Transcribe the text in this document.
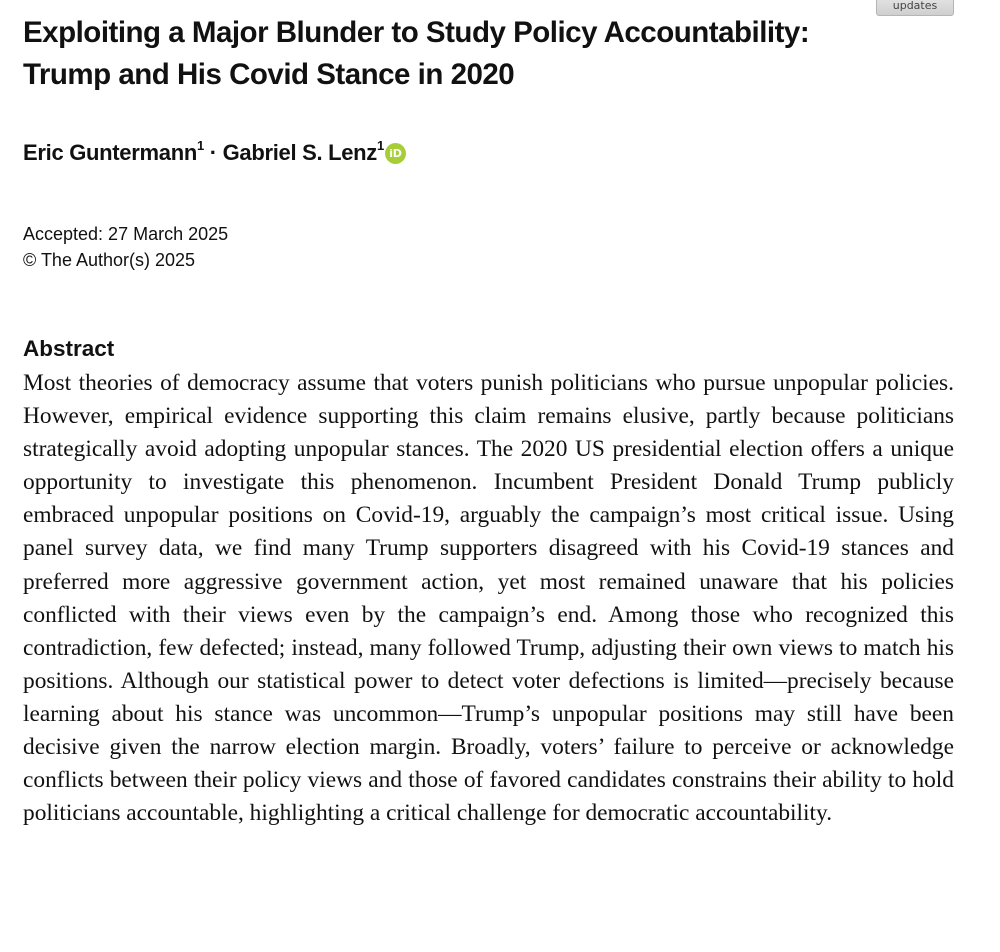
updates
Exploiting a Major Blunder to Study Policy Accountability:
Trump and His Covid Stance in 2020
Eric Guntermann$^1$ · Gabriel S. Lenz$^1$iD
Accepted: 27 March 2025
© The Author(s) 2025
Abstract

Most theories of democracy assume that voters punish politicians who pursue unpopular policies. However, empirical evidence supporting this claim remains elusive, partly because politicians strategically avoid adopting unpopular stances. The 2020 US presidential election offers a unique opportunity to investigate this phenomenon. Incumbent President Donald Trump publicly embraced unpopular positions on Covid-19, arguably the campaign’s most critical issue. Using panel survey data, we find many Trump supporters disagreed with his Covid-19 stances and preferred more aggressive government action, yet most remained unaware that his policies conflicted with their views even by the campaign’s end. Among those who recognized this contradiction, few defected; instead, many followed Trump, adjusting their own views to match his positions. Although our statistical power to detect voter defections is limited—precisely because learning about his stance was uncommon—Trump’s unpopular positions may still have been decisive given the narrow election margin. Broadly, voters’ failure to perceive or acknowledge conflicts between their policy views and those of favored candidates constrains their ability to hold politicians accountable, highlighting a critical challenge for democratic accountability.
